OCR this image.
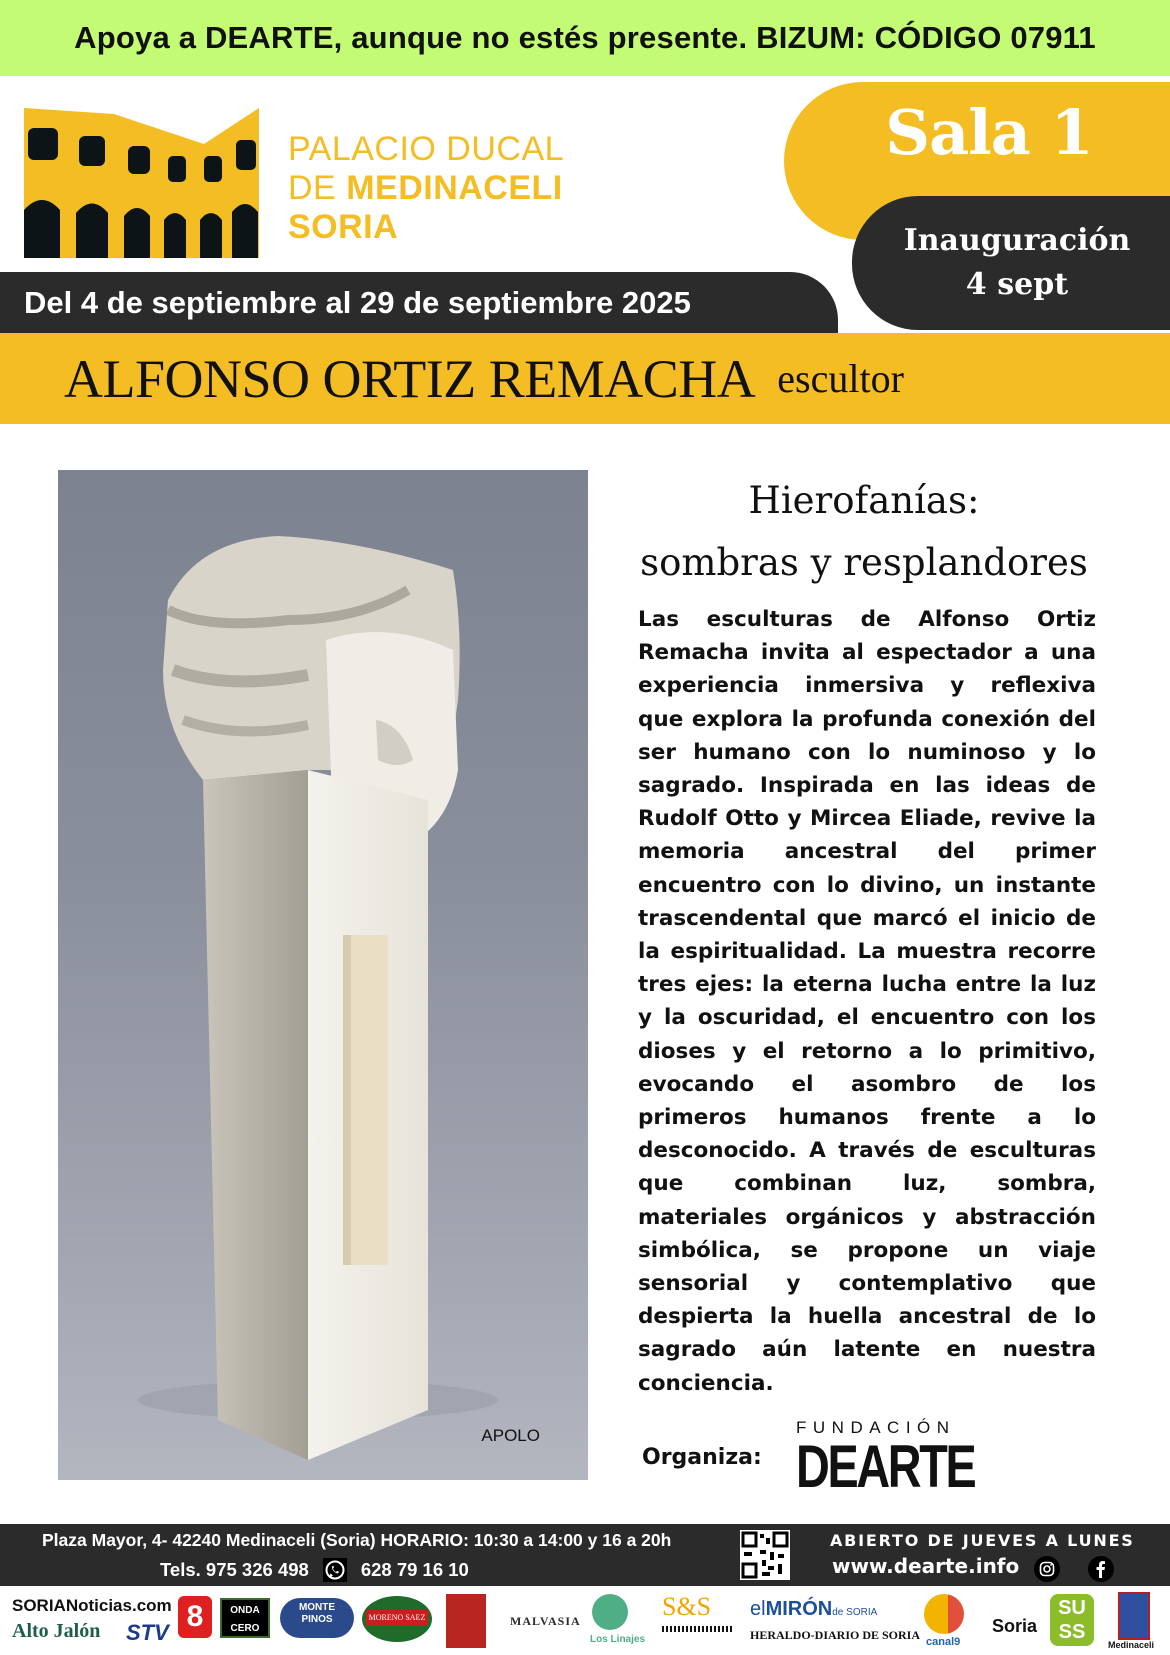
Apoya a DEARTE, aunque no estés presente. BIZUM: CÓDIGO 07911
PALACIO DUCAL
DE MEDINACELI
SORIA
Sala 1
Inauguración
4 sept
Del 4 de septiembre al 29 de septiembre 2025
ALFONSO ORTIZ REMACHA escultor
APOLO
Hierofanías:
sombras y resplandores

Las esculturas de Alfonso Ortiz Remacha invita al espectador a una experiencia inmersiva y reflexiva que explora la profunda conexión del ser humano con lo numinoso y lo sagrado. Inspirada en las ideas de Rudolf Otto y Mircea Eliade, revive la memoria ancestral del primer encuentro con lo divino, un instante trascendental que marcó el inicio de la espiritualidad. La muestra recorre tres ejes: la eterna lucha entre la luz y la oscuridad, el encuentro con los dioses y el retorno a lo primitivo, evocando el asombro de los primeros humanos frente a lo desconocido. A través de esculturas que combinan luz, sombra, materiales orgánicos y abstracción simbólica, se propone un viaje sensorial y contemplativo que despierta la huella ancestral de lo sagrado aún latente en nuestra conciencia.

Organiza:
FUNDACIÓN
DEARTE
Plaza Mayor, 4- 42240 Medinaceli (Soria) HORARIO: 10:30 a 14:00 y 16 a 20h
Tels. 975 326 498	628 79 16 10
ABIERTO DE JUEVES A LUNES
www.dearte.info
SORIANoticias.com
Alto Jalón STV 8	ONDA
CERO
MONTE
PINOS	MORENO SAEZ	MALVASIA
Los Linajes
S&S elMIRÓNde SORIA
HERALDO-DIARIO DE SORIA canal9
Soria
SU
SS
Medinaceli
